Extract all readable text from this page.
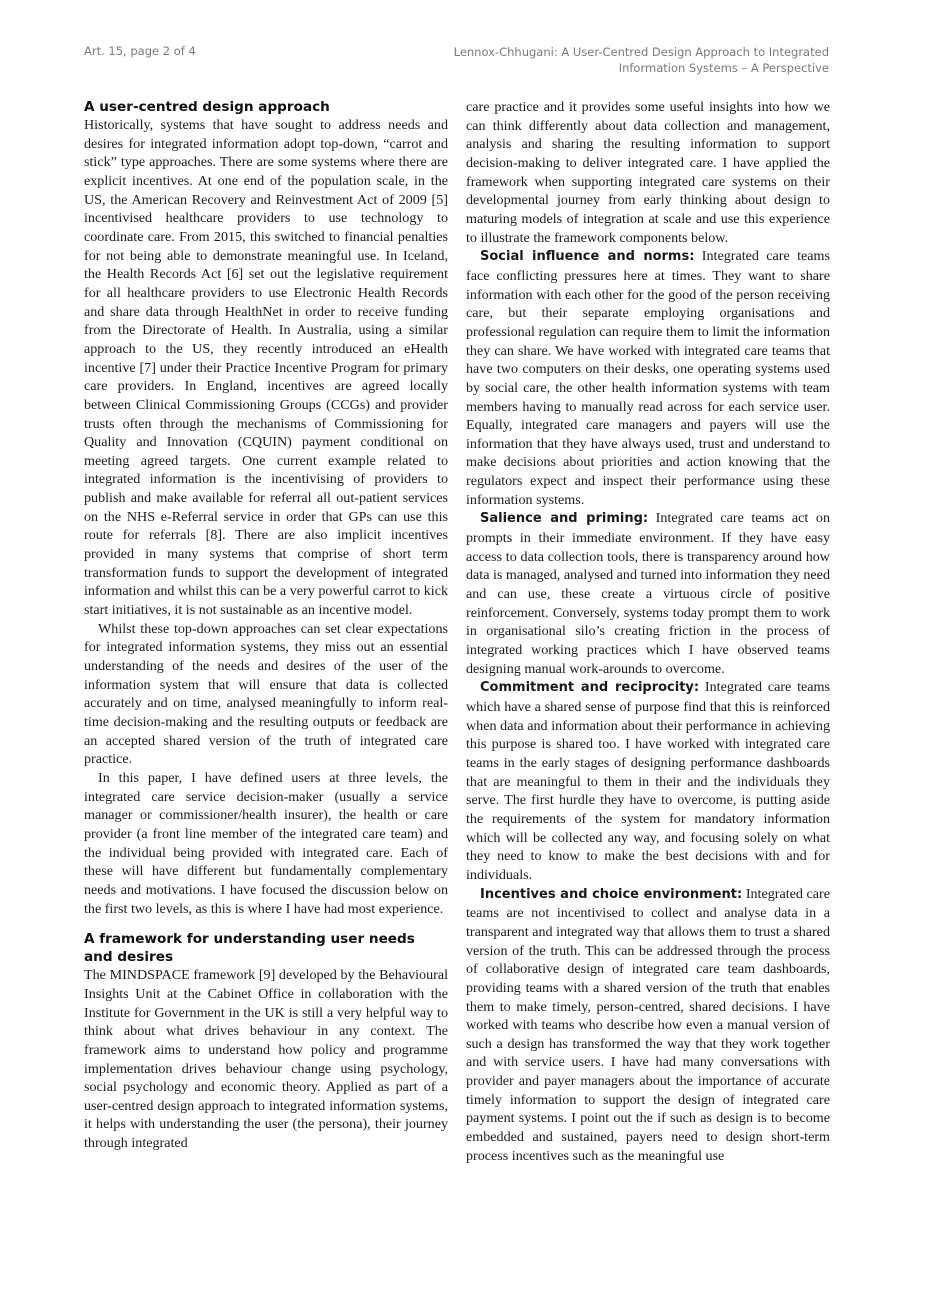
Art. 15, page 2 of 4	Lennox-Chhugani: A User-Centred Design Approach to Integrated
Information Systems – A Perspective
A user-centred design approach

Historically, systems that have sought to address needs and desires for integrated information adopt top-down, “carrot and stick” type approaches. There are some systems where there are explicit incentives. At one end of the population scale, in the US, the American Recovery and Reinvestment Act of 2009 [5] incentivised healthcare providers to use technology to coordinate care. From 2015, this switched to financial penalties for not being able to demonstrate meaningful use. In Iceland, the Health Records Act [6] set out the legislative requirement for all healthcare providers to use Electronic Health Records and share data through HealthNet in order to receive funding from the Directorate of Health. In Australia, using a similar approach to the US, they recently introduced an eHealth incentive [7] under their Practice Incentive Program for primary care providers. In England, incentives are agreed locally between Clinical Commissioning Groups (CCGs) and provider trusts often through the mechanisms of Commissioning for Quality and Innovation (CQUIN) payment conditional on meeting agreed targets. One current example related to integrated information is the incentivising of providers to publish and make available for referral all out-patient services on the NHS e-Referral service in order that GPs can use this route for referrals [8]. There are also implicit incentives provided in many systems that comprise of short term transformation funds to support the development of integrated information and whilst this can be a very powerful carrot to kick start initiatives, it is not sustainable as an incentive model.

Whilst these top-down approaches can set clear expectations for integrated information systems, they miss out an essential understanding of the needs and desires of the user of the information system that will ensure that data is collected accurately and on time, analysed meaningfully to inform real-time decision-making and the resulting outputs or feedback are an accepted shared version of the truth of integrated care practice.

In this paper, I have defined users at three levels, the integrated care service decision-maker (usually a service manager or commissioner/health insurer), the health or care provider (a front line member of the integrated care team) and the individual being provided with integrated care. Each of these will have different but fundamentally complementary needs and motivations. I have focused the discussion below on the first two levels, as this is where I have had most experience.

A framework for understanding user needs and desires

The MINDSPACE framework [9] developed by the Behavioural Insights Unit at the Cabinet Office in collaboration with the Institute for Government in the UK is still a very helpful way to think about what drives behaviour in any context. The framework aims to understand how policy and programme implementation drives behaviour change using psychology, social psychology and economic theory. Applied as part of a user-centred design approach to integrated information systems, it helps with understanding the user (the persona), their journey through integrated

care practice and it provides some useful insights into how we can think differently about data collection and management, analysis and sharing the resulting information to support decision-making to deliver integrated care. I have applied the framework when supporting integrated care systems on their developmental journey from early thinking about design to maturing models of integration at scale and use this experience to illustrate the framework components below.

Social influence and norms: Integrated care teams face conflicting pressures here at times. They want to share information with each other for the good of the person receiving care, but their separate employing organisations and professional regulation can require them to limit the information they can share. We have worked with integrated care teams that have two computers on their desks, one operating systems used by social care, the other health information systems with team members having to manually read across for each service user. Equally, integrated care managers and payers will use the information that they have always used, trust and understand to make decisions about priorities and action knowing that the regulators expect and inspect their performance using these information systems.

Salience and priming: Integrated care teams act on prompts in their immediate environment. If they have easy access to data collection tools, there is transparency around how data is managed, analysed and turned into information they need and can use, these create a virtuous circle of positive reinforcement. Conversely, systems today prompt them to work in organisational silo’s creating friction in the process of integrated working practices which I have observed teams designing manual work-arounds to overcome.

Commitment and reciprocity: Integrated care teams which have a shared sense of purpose find that this is reinforced when data and information about their performance in achieving this purpose is shared too. I have worked with integrated care teams in the early stages of designing performance dashboards that are meaningful to them in their and the individuals they serve. The first hurdle they have to overcome, is putting aside the requirements of the system for mandatory information which will be collected any way, and focusing solely on what they need to know to make the best decisions with and for individuals.

Incentives and choice environment: Integrated care teams are not incentivised to collect and analyse data in a transparent and integrated way that allows them to trust a shared version of the truth. This can be addressed through the process of collaborative design of integrated care team dashboards, providing teams with a shared version of the truth that enables them to make timely, person-centred, shared decisions. I have worked with teams who describe how even a manual version of such a design has transformed the way that they work together and with service users. I have had many conversations with provider and payer managers about the importance of accurate timely information to support the design of integrated care payment systems. I point out the if such as design is to become embedded and sustained, payers need to design short-term process incentives such as the meaningful use
